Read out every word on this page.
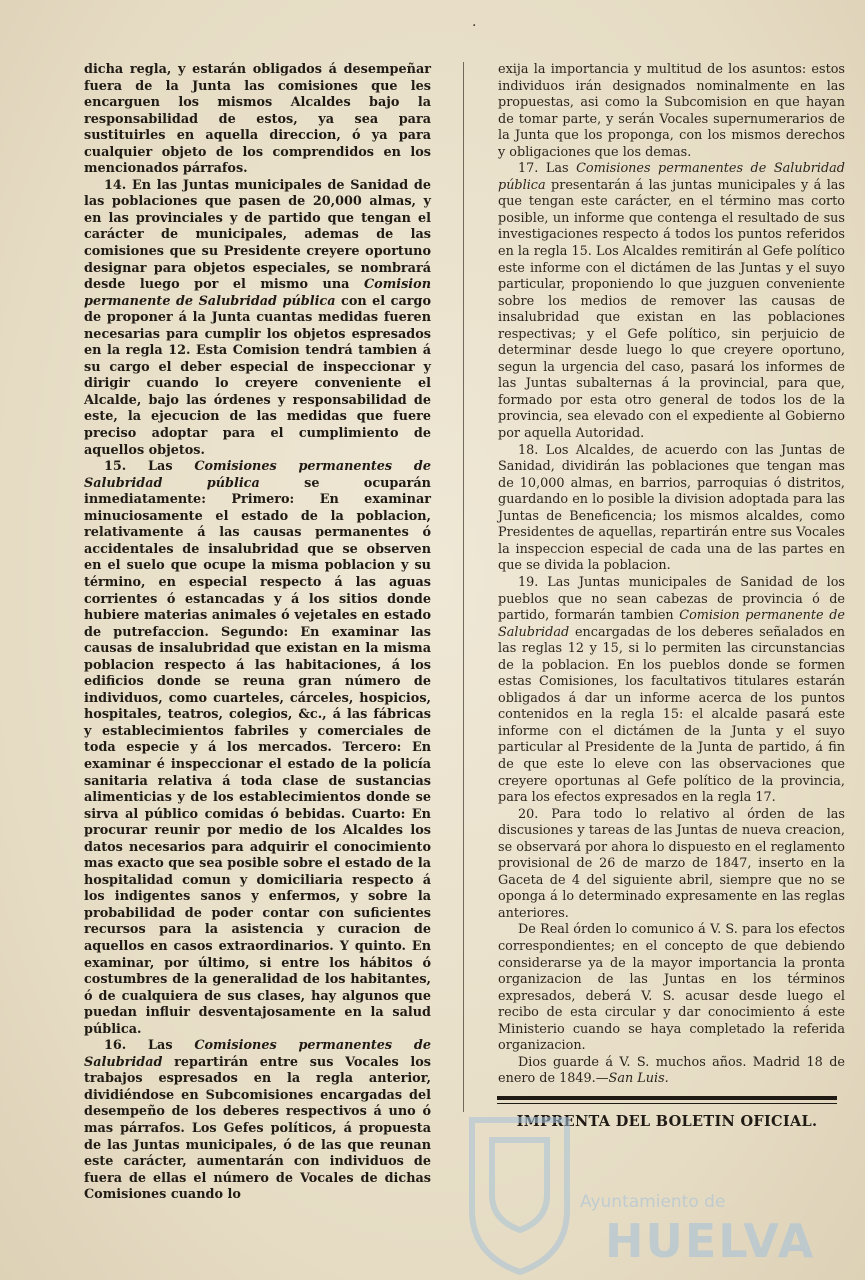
·

dicha regla, y estarán obligados á desempeñar fuera de la Junta las comisiones que les encarguen los mismos Alcaldes bajo la responsabilidad de estos, ya sea para sustituirles en aquella direccion, ó ya para cualquier objeto de los comprendidos en los mencionados párrafos.

14. En las Juntas municipales de Sanidad de las poblaciones que pasen de 20,000 almas, y en las provinciales y de partido que tengan el carácter de municipales, ademas de las comisiones que su Presidente creyere oportuno designar para objetos especiales, se nombrará desde luego por el mismo una Comision permanente de Salubridad pública con el cargo de proponer á la Junta cuantas medidas fueren necesarias para cumplir los objetos espresados en la regla 12. Esta Comision tendrá tambien á su cargo el deber especial de inspeccionar y dirigir cuando lo creyere conveniente el Alcalde, bajo las órdenes y responsabilidad de este, la ejecucion de las medidas que fuere preciso adoptar para el cumplimiento de aquellos objetos.

15. Las Comisiones permanentes de Salubridad pública	se ocuparán inmediatamente: Primero: En examinar minuciosamente el estado de la poblacion, relativamente á las causas permanentes ó accidentales de insalubridad que se observen en el suelo que ocupe la misma poblacion y su término, en especial respecto á las aguas corrientes ó estancadas y á los sitios donde hubiere materias animales ó vejetales en estado de putrefaccion. Segundo: En examinar las causas de insalubridad que existan en la misma poblacion respecto á las habitaciones, á los edificios donde se reuna gran número de individuos, como cuarteles, cárceles, hospicios, hospitales, teatros, colegios, &c., á las fábricas y establecimientos fabriles y comerciales de toda especie y á los mercados. Tercero: En examinar é inspeccionar el estado de la policía sanitaria relativa á toda clase de sustancias alimenticias y de los establecimientos donde se sirva al público comidas ó bebidas. Cuarto: En procurar reunir por medio de los Alcaldes los datos necesarios para adquirir el conocimiento mas exacto que sea posible sobre el estado de la hospitalidad comun y domiciliaria respecto á los indigentes sanos y enfermos, y sobre la probabilidad de poder contar con suficientes recursos para la asistencia y curacion de aquellos en casos extraordinarios. Y quinto. En examinar, por último, si entre los hábitos ó costumbres de la generalidad de los habitantes, ó de cualquiera de sus clases, hay algunos que puedan influir desventajosamente en la salud pública.

16. Las Comisiones permanentes de Salubridad repartirán entre sus Vocales los trabajos espresados en la regla anterior, dividiéndose en Subcomisiones encargadas del desempeño de los deberes respectivos á uno ó mas párrafos. Los Gefes políticos, á propuesta de las Juntas municipales, ó de las que reunan este carácter, aumentarán con individuos de fuera de ellas el número de Vocales de dichas Comisiones cuando lo

exija la importancia y multitud de los asuntos: estos individuos irán designados nominalmente en las propuestas, asi como la Subcomision en que hayan de tomar parte, y serán Vocales supernumerarios de la Junta que los proponga, con los mismos derechos y obligaciones que los demas.

17. Las Comisiones permanentes de Salubridad pública presentarán á las juntas municipales y á las que tengan este carácter, en el término mas corto posible, un informe que contenga el resultado de sus investigaciones respecto á todos los puntos referidos en la regla 15. Los Alcaldes remitirán al Gefe político este informe con el dictámen de las Juntas y el suyo particular, proponiendo lo que juzguen conveniente sobre los medios de remover las causas de insalubridad que existan en las poblaciones respectivas; y el Gefe político, sin perjuicio de determinar desde luego lo que creyere oportuno, segun la urgencia del caso, pasará los informes de las Juntas subalternas á la provincial, para que, formado por esta otro general de todos los de la provincia, sea elevado con el expediente al Gobierno por aquella Autoridad.

18. Los Alcaldes, de acuerdo con las Juntas de Sanidad, dividirán las poblaciones que tengan mas de 10,000 almas, en barrios, parroquias ó distritos, guardando en lo posible la division adoptada para las Juntas de Beneficencia; los mismos alcaldes, como Presidentes de aquellas, repartirán entre sus Vocales la inspeccion especial de cada una de las partes en que se divida la poblacion.

19. Las Juntas municipales de Sanidad de los pueblos que no sean cabezas de provincia ó de partido, formarán tambien Comision permanente de Salubridad encargadas de los deberes señalados en las reglas 12 y 15, si lo permiten las circunstancias de la poblacion. En los pueblos donde se formen estas Comisiones, los facultativos titulares estarán obligados á dar un informe acerca de los puntos contenidos en la regla 15: el alcalde pasará este informe con el dictámen de la Junta y el suyo particular al Presidente de la Junta de partido, á fin de que este lo eleve con las observaciones que creyere oportunas al Gefe político de la provincia, para los efectos expresados en la regla 17.

20. Para todo lo relativo al órden de las discusiones y tareas de las Juntas de nueva creacion, se observará por ahora lo dispuesto en el reglamento provisional de 26 de marzo de 1847, inserto en la Gaceta de 4 del siguiente abril, siempre que no se oponga á lo determinado expresamente en las reglas anteriores.

De Real órden lo comunico á V. S. para los efectos correspondientes; en el concepto de que debiendo considerarse ya de la mayor importancia la pronta organizacion de las Juntas en los términos expresados, deberá V. S. acusar desde luego el recibo de esta circular y dar conocimiento á este Ministerio cuando se haya completado la referida organizacion.

Dios guarde á V. S. muchos años. Madrid 18 de enero de 1849.—San Luis.

IMPRENTA DEL BOLETIN OFICIAL.
Ayuntamiento de
HUELVA
